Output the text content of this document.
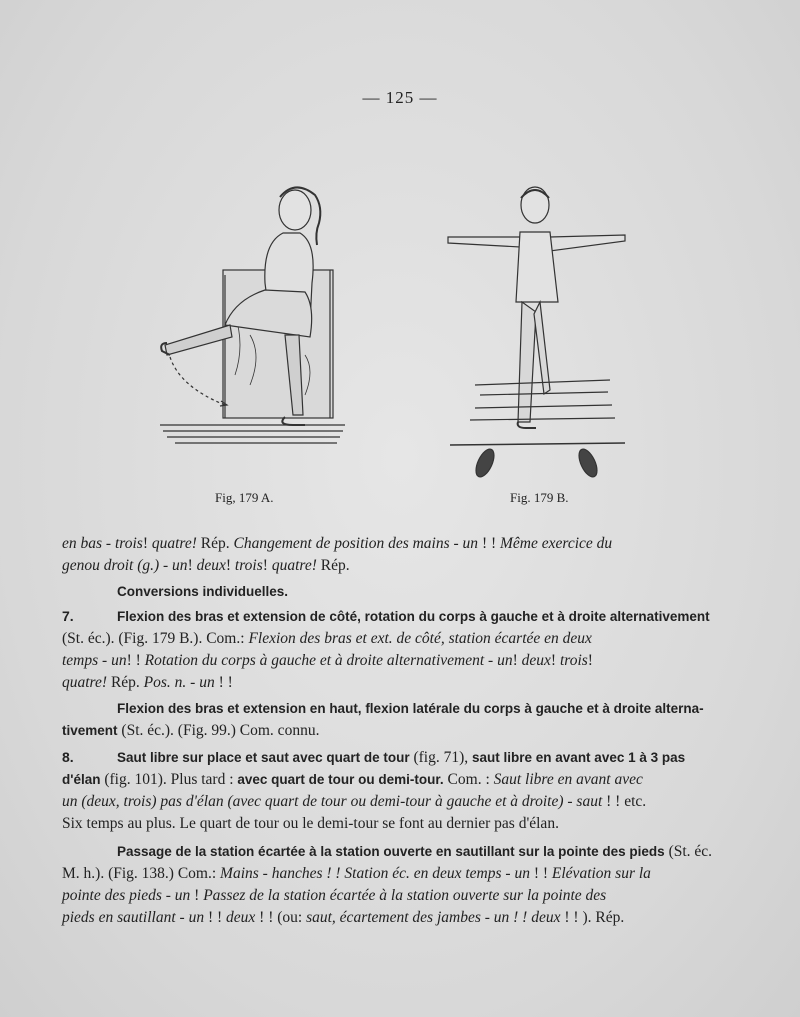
— 125 —
Fig, 179 A.	Fig. 179 B.
en bas - trois! quatre! Rép. Changement de position des mains - un ! ! Même exercice du
genou droit (g.) - un! deux! trois! quatre! Rép.
Conversions individuelles.
7.	Flexion des bras et extension de côté, rotation du corps à gauche et à droite alternativement
(St. éc.). (Fig. 179 B.). Com.: Flexion des bras et ext. de côté, station écartée en deux
temps - un! ! Rotation du corps à gauche et à droite alternativement - un! deux! trois!
quatre! Rép. Pos. n. - un ! !
Flexion des bras et extension en haut, flexion latérale du corps à gauche et à droite alterna-
tivement (St. éc.). (Fig. 99.) Com. connu.
8.	Saut libre sur place et saut avec quart de tour (fig. 71), saut libre en avant avec 1 à 3 pas
d'élan (fig. 101). Plus tard : avec quart de tour ou demi-tour. Com. : Saut libre en avant avec
un (deux, trois) pas d'élan (avec quart de tour ou demi-tour à gauche et à droite) - saut ! ! etc.
Six temps au plus. Le quart de tour ou le demi-tour se font au dernier pas d'élan.
Passage de la station écartée à la station ouverte en sautillant sur la pointe des pieds (St. éc.
M. h.). (Fig. 138.) Com.: Mains - hanches ! ! Station éc. en deux temps - un ! ! Elévation sur la
pointe des pieds - un ! Passez de la station écartée à la station ouverte sur la pointe des
pieds en sautillant - un ! ! deux ! ! (ou: saut, écartement des jambes - un ! ! deux ! ! ). Rép.
